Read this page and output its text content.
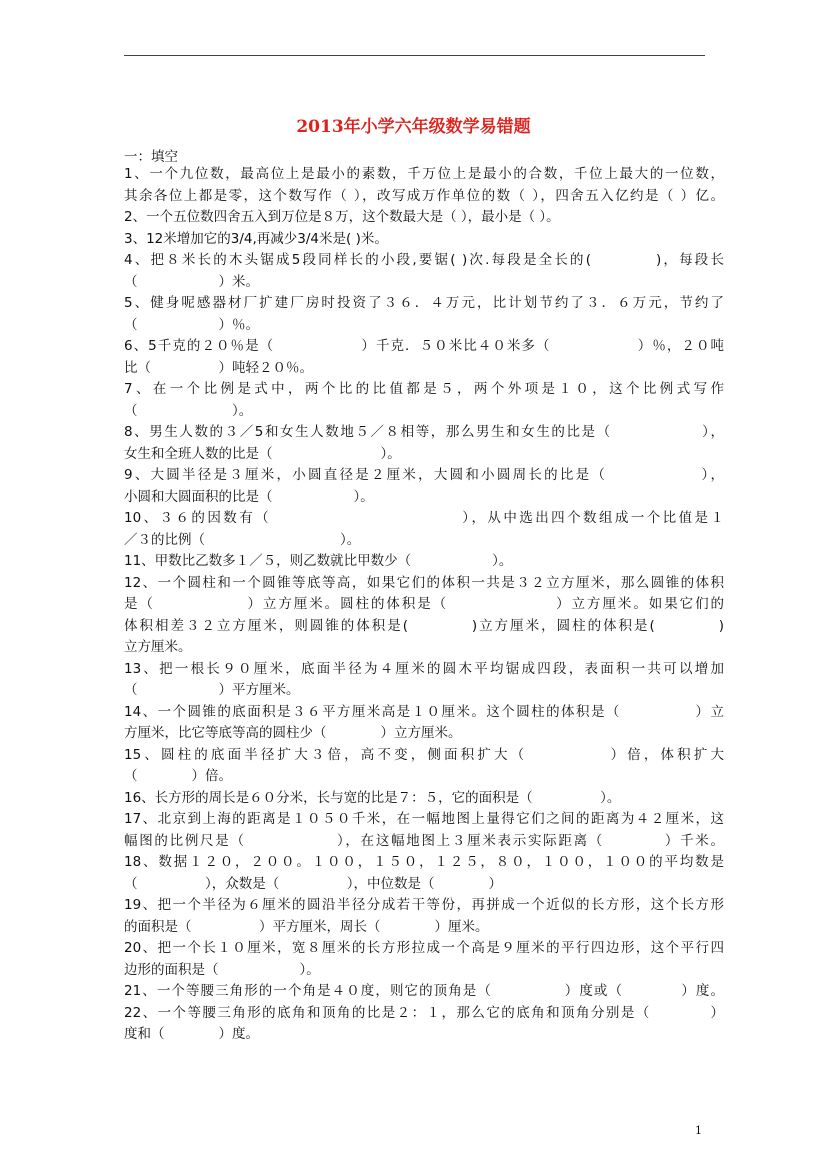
2013年小学六年级数学易错题
一：填空
1、一个九位数，最高位上是最小的素数，千万位上是最小的合数，千位上最大的一位数，
其余各位上都是零，这个数写作（ ），改写成万作单位的数（ ），四舍五入亿约是（ ）亿。
2、一个五位数四舍五入到万位是８万，这个数最大是（ ），最小是（ ）。
3、12米增加它的3/4,再减少3/4米是( )米。
4、把８米长的木头锯成5段同样长的小段,要锯( )次.每段是全长的(　　　　)，每段长
（　　　　　　）米。
5、健身呢感器材厂扩建厂房时投资了３６．４万元，比计划节约了３．６万元，节约了
（　　　　　　）％。
6、5千克的２０％是（　　　　　　）千克．５０米比４０米多（　　　　　　）％，２０吨
比（　　　　　）吨轻２０％。
7、在一个比例是式中，两个比的比值都是５，两个外项是１０，这个比例式写作
（　　　　　　　）。
8、男生人数的３／5和女生人数地５／８相等，那么男生和女生的比是（　　　　　　），
女生和全班人数的比是（　　　　　　　　）。
9、大圆半径是３厘米，小圆直径是２厘米，大圆和小圆周长的比是（　　　　　　），
小圆和大圆面积的比是（　　　　　　）。
10、３６的因数有（　　　　　　　　　　　　），从中选出四个数组成一个比值是１
／３的比例（　　　　　　　　　　）。
11、甲数比乙数多１／５，则乙数就比甲数少（　　　　　　）。
12、一个圆柱和一个圆锥等底等高，如果它们的体积一共是３２立方厘米，那么圆锥的体积
是（　　　　　　）立方厘米。圆柱的体积是（　　　　　　　）立方厘米。如果它们的
体积相差３２立方厘米，则圆锥的体积是(　　　　)立方厘米，圆柱的体积是(　　　　)
立方厘米。
13、把一根长９０厘米，底面半径为４厘米的圆木平均锯成四段，表面积一共可以增加
（　　　　　　）平方厘米。
14、一个圆锥的底面积是３６平方厘米高是１０厘米。这个圆柱的体积是（　　　　　）立
方厘米，比它等底等高的圆柱少（　　　　）立方厘米。
15、圆柱的底面半径扩大３倍，高不变，侧面积扩大（　　　　　）倍，体积扩大
（　　　　）倍。
16、长方形的周长是６０分米，长与宽的比是７：５，它的面积是（　　　　　）。
17、北京到上海的距离是１０５０千米，在一幅地图上量得它们之间的距离为４２厘米，这
幅图的比例尺是（　　　　　　），在这幅地图上３厘米表示实际距离（　　　　）千米。
18、数据１２０，２００。１００，１５０，１２５，８０，１００，１００的平均数是
（　　　　　），众数是（　　　　　），中位数是（　　　　）
19、把一个半径为６厘米的圆沿半径分成若干等份，再拼成一个近似的长方形，这个长方形
的面积是（　　　　　）平方厘米，周长（　　　　）厘米。
20、把一个长１０厘米，宽８厘米的长方形拉成一个高是９厘米的平行四边形，这个平行四
边形的面积是（　　　　　　）。
21、一个等腰三角形的一个角是４０度，则它的顶角是（　　　　　）度或（　　　　）度。
22、一个等腰三角形的底角和顶角的比是２：１，那么它的底角和顶角分别是（　　　　）
度和（　　　　）度。
1
